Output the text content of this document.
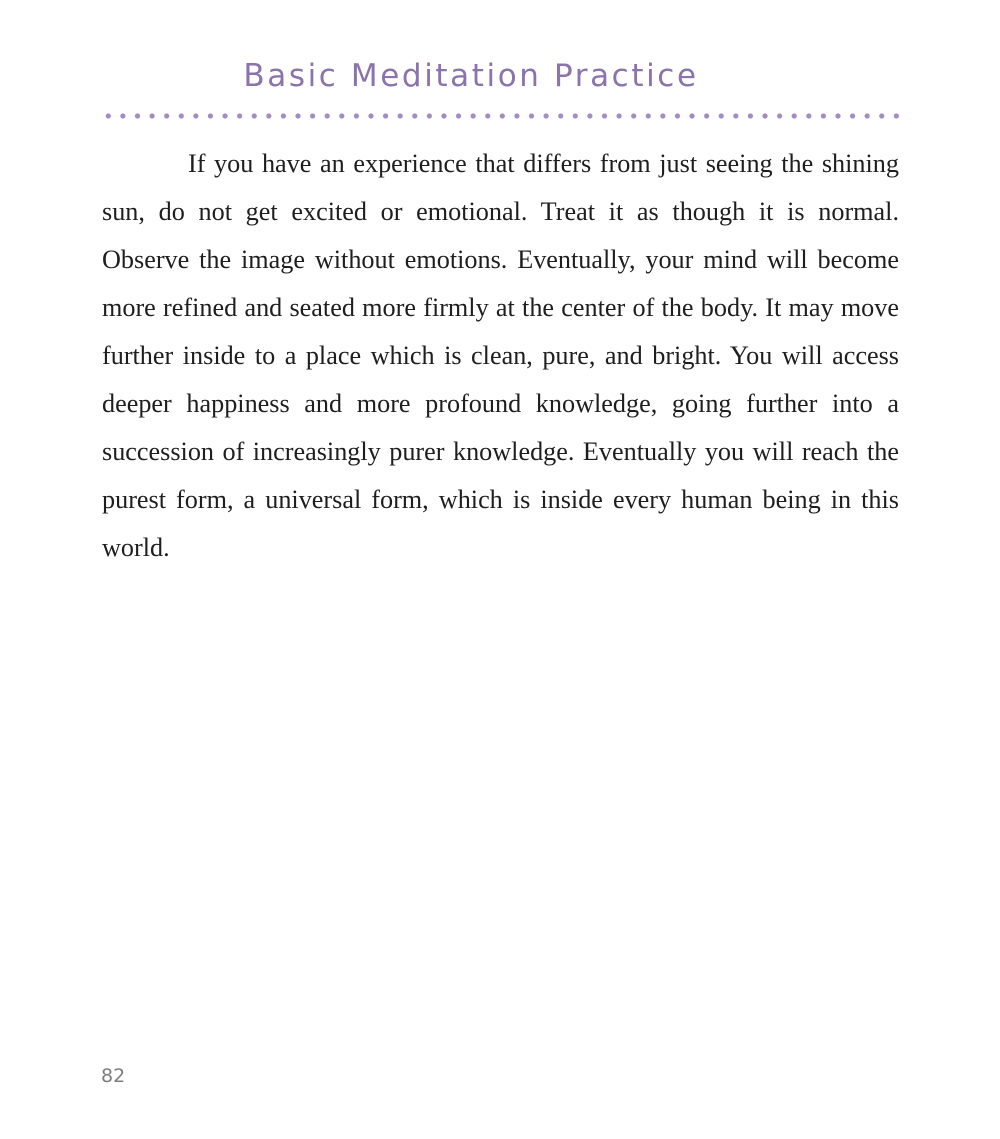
Basic Meditation Practice

If you have an experience that differs from just seeing the shining sun, do not get excited or emotional. Treat it as though it is normal. Observe the image without emotions. Eventually, your mind will become more refined and seated more firmly at the center of the body. It may move further inside to a place which is clean, pure, and bright. You will access deeper happiness and more profound knowledge, going further into a succession of increasingly purer knowledge. Eventually you will reach the purest form, a universal form, which is inside every human being in this world.

82
